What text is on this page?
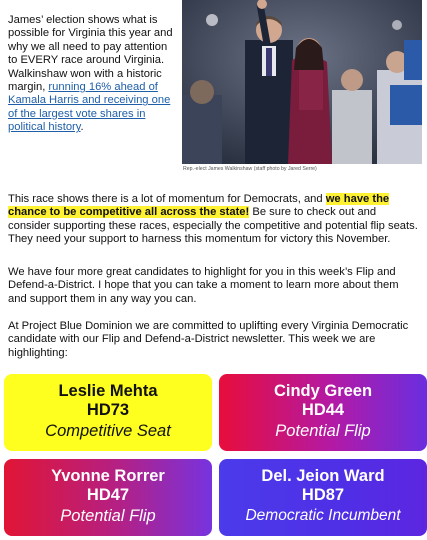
James’ election shows what is possible for Virginia this year and why we all need to pay attention to EVERY race around Virginia. Walkinshaw won with a historic margin, running 16% ahead of Kamala Harris and receiving one of the largest vote shares in political history.
Rep.-elect James Walkinshaw (staff photo by Jared Serre)
This race shows there is a lot of momentum for Democrats, and we have the chance to be competitive all across the state! Be sure to check out and consider supporting these races, especially the competitive and potential flip seats. They need your support to harness this momentum for victory this November.
We have four more great candidates to highlight for you in this week’s Flip and Defend-a-District. I hope that you can take a moment to learn more about them and support them in any way you can.
At Project Blue Dominion we are committed to uplifting every Virginia Democratic candidate with our Flip and Defend-a-District newsletter. This week we are highlighting:
Leslie Mehta
HD73
Competitive Seat
Cindy Green
HD44
Potential Flip
Yvonne Rorrer
HD47
Potential Flip
Del. Jeion Ward
HD87
Democratic Incumbent
